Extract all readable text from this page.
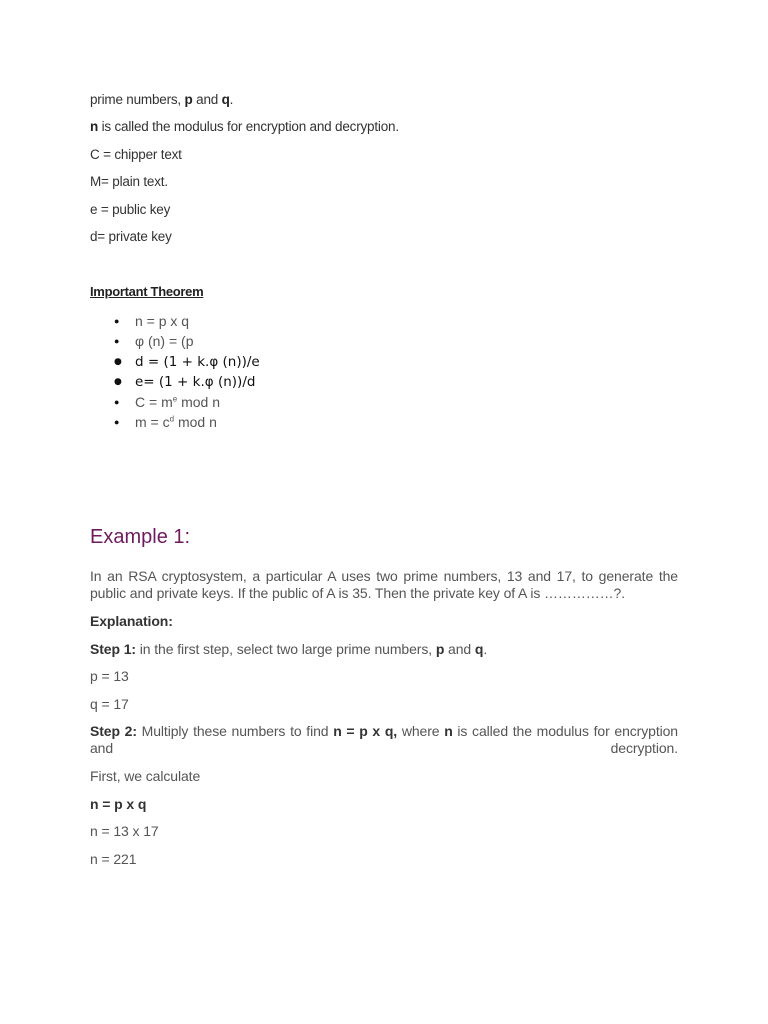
prime numbers, p and q.

n is called the modulus for encryption and decryption.

C = chipper text

M= plain text.

e = public key

d= private key

Important Theorem

● n = p x q
● φ (n) = (p
● d = (1 + k.φ (n))/e
● e= (1 + k.φ (n))/d
● $C = m^e$ mod n
● $m = c^d$ mod n
Example 1:

In an RSA cryptosystem, a particular A uses two prime numbers, 13 and 17, to generate the public and private keys. If the public of A is 35. Then the private key of A is ……………?.

Explanation:

Step 1: in the first step, select two large prime numbers, p and q.

p = 13

q = 17

Step 2: Multiply these numbers to find n = p x q, where n is called the modulus for encryption and decryption.

First, we calculate

n = p x q

n = 13 x 17

n = 221
